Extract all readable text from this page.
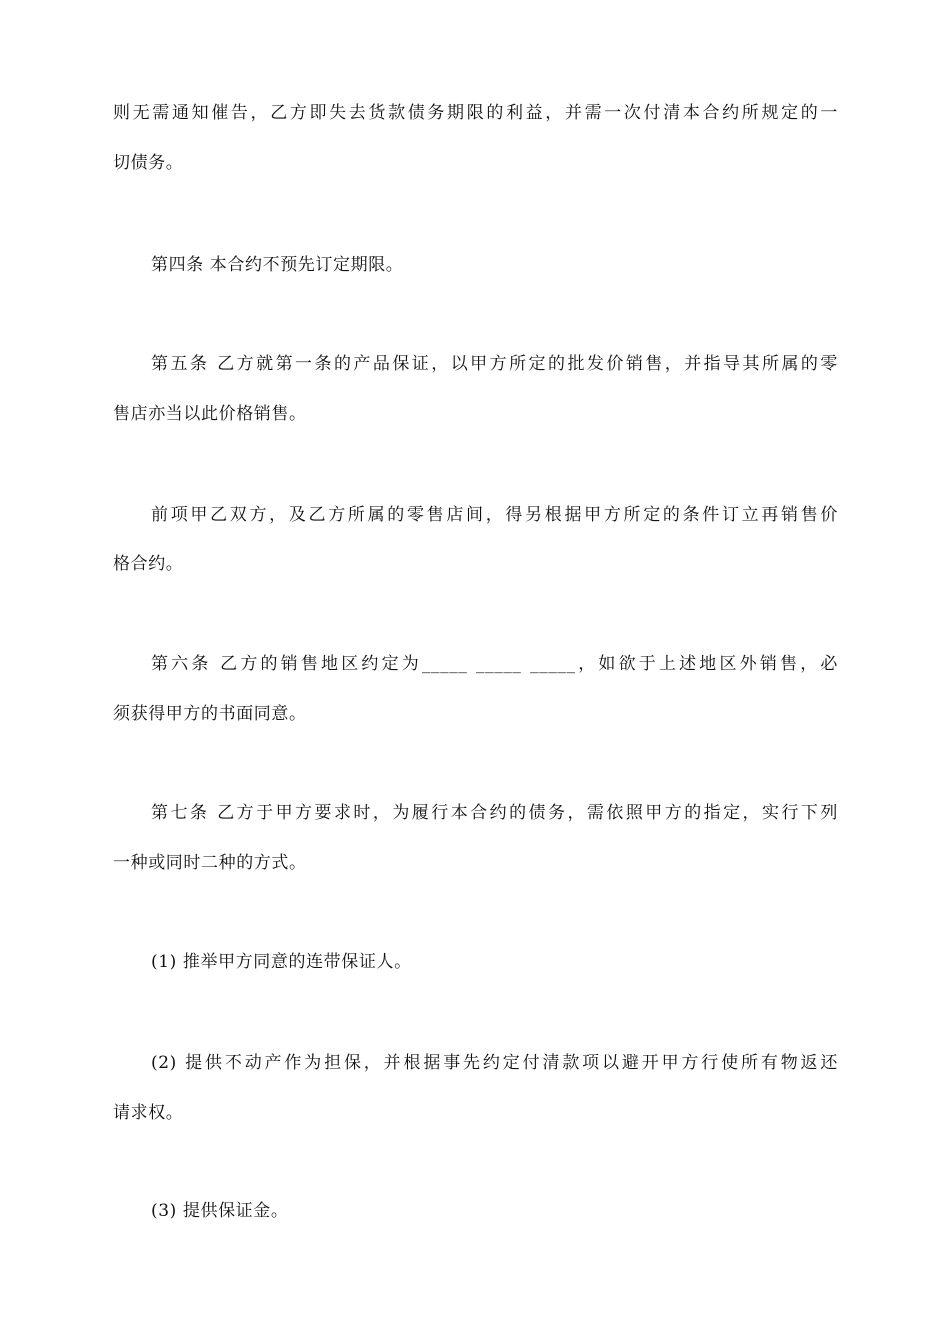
则无需通知催告，乙方即失去货款债务期限的利益，并需一次付清本合约所规定的一
切债务。
第四条 本合约不预先订定期限。
第五条 乙方就第一条的产品保证，以甲方所定的批发价销售，并指导其所属的零
售店亦当以此价格销售。
前项甲乙双方，及乙方所属的零售店间，得另根据甲方所定的条件订立再销售价
格合约。
第六条 乙方的销售地区约定为_____ _____ _____，如欲于上述地区外销售，必
须获得甲方的书面同意。
第七条 乙方于甲方要求时，为履行本合约的债务，需依照甲方的指定，实行下列
一种或同时二种的方式。
(1) 推举甲方同意的连带保证人。
(2) 提供不动产作为担保，并根据事先约定付清款项以避开甲方行使所有物返还
请求权。
(3) 提供保证金。
